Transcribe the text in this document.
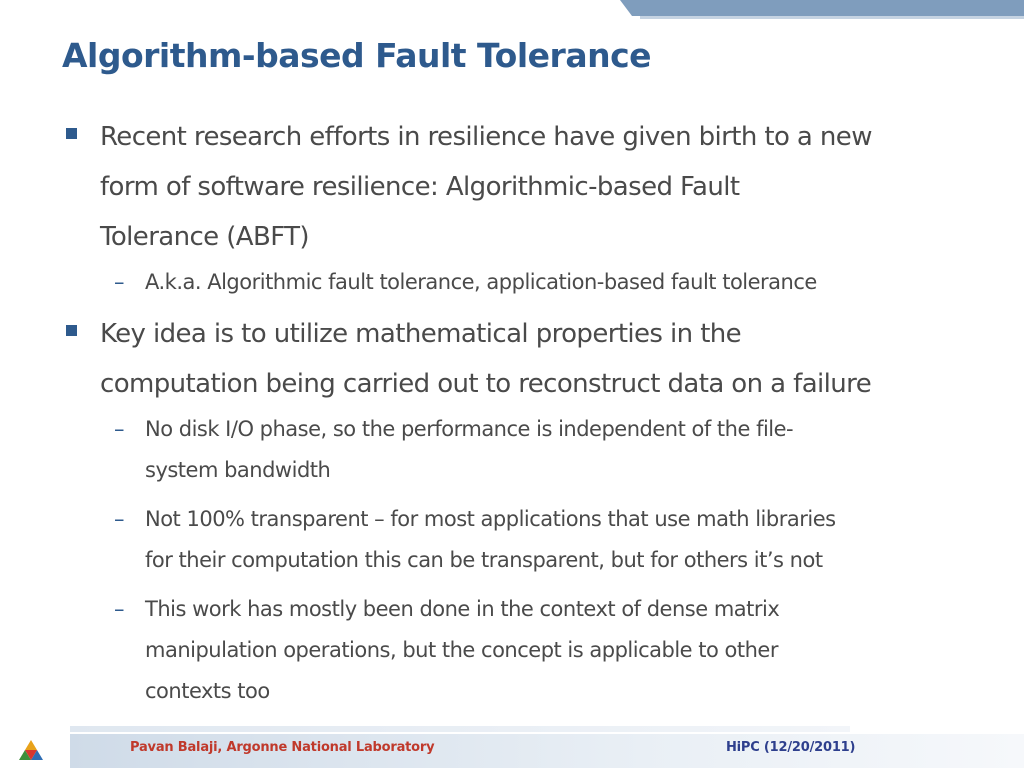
Algorithm-based Fault Tolerance
Recent research efforts in resilience have given birth to a new
form of software resilience: Algorithmic-based Fault
Tolerance (ABFT)
– A.k.a. Algorithmic fault tolerance, application-based fault tolerance
Key idea is to utilize mathematical properties in the
computation being carried out to reconstruct data on a failure
– No disk I/O phase, so the performance is independent of the file-
system bandwidth
– Not 100% transparent – for most applications that use math libraries
for their computation this can be transparent, but for others it’s not
– This work has mostly been done in the context of dense matrix
manipulation operations, but the concept is applicable to other
contexts too
Pavan Balaji, Argonne National Laboratory	HiPC (12/20/2011)
